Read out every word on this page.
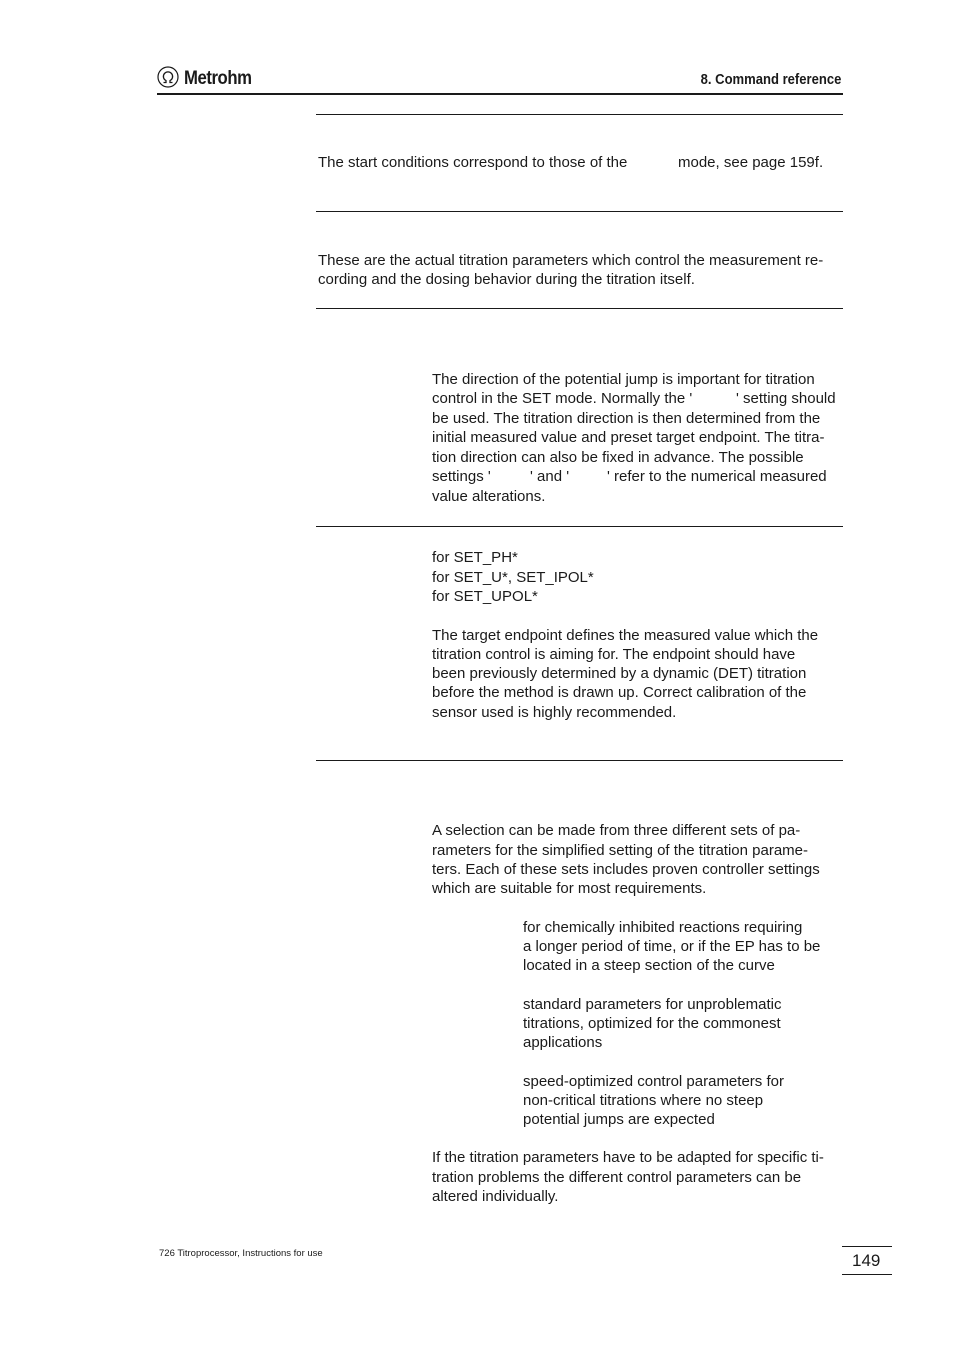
Metrohm	8. Command reference
The start conditions correspond to those of the	mode, see page 159f.
These are the actual titration parameters which control the measurement re-
cording and the dosing behavior during the titration itself.
The direction of the potential jump is important for titration
control in the SET mode. Normally the '	' setting should
be used. The titration direction is then determined from the
initial measured value and preset target endpoint. The titra-
tion direction can also be fixed in advance. The possible
settings '	' and '	' refer to the numerical measured
value alterations.
for SET_PH*
for SET_U*, SET_IPOL*
for SET_UPOL*
The target endpoint defines the measured value which the
titration control is aiming for. The endpoint should have
been previously determined by a dynamic (DET) titration
before the method is drawn up. Correct calibration of the
sensor used is highly recommended.
A selection can be made from three different sets of pa-
rameters for the simplified setting of the titration parame-
ters. Each of these sets includes proven controller settings
which are suitable for most requirements.
for chemically inhibited reactions requiring
a longer period of time, or if the EP has to be
located in a steep section of the curve
standard parameters for unproblematic
titrations, optimized for the commonest
applications
speed-optimized control parameters for
non-critical titrations where no steep
potential jumps are expected
If the titration parameters have to be adapted for specific ti-
tration problems the different control parameters can be
altered individually.
726 Titroprocessor, Instructions for use	149
